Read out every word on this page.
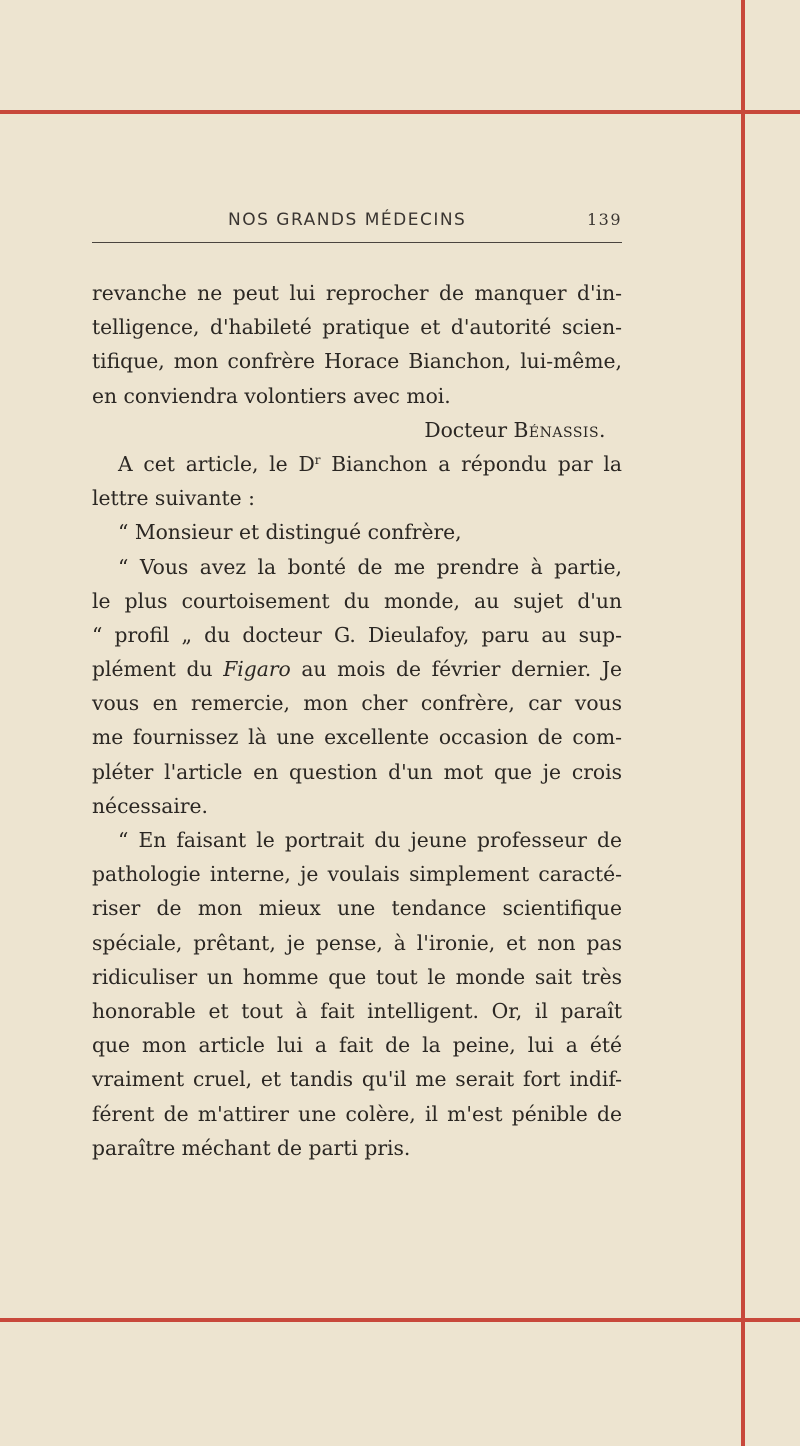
NOS GRANDS MÉDECINS	139
revanche ne peut lui reprocher de manquer d'in-
telligence, d'habileté pratique et d'autorité scien-
tifique, mon confrère Horace Bianchon, lui-même,
en conviendra volontiers avec moi.
Docteur Bénassis.
A cet article, le $D^r$ Bianchon a répondu par la
lettre suivante :
“ Monsieur et distingué confrère,
“ Vous avez la bonté de me prendre à partie,
le plus courtoisement du monde, au sujet d'un
“ profil „ du docteur G. Dieulafoy, paru au sup-
plément du Figaro au mois de février dernier. Je
vous en remercie, mon cher confrère, car vous
me fournissez là une excellente occasion de com-
pléter l'article en question d'un mot que je crois
nécessaire.
“ En faisant le portrait du jeune professeur de
pathologie interne, je voulais simplement caracté-
riser de mon mieux une tendance scientifique
spéciale, prêtant, je pense, à l'ironie, et non pas
ridiculiser un homme que tout le monde sait très
honorable et tout à fait intelligent. Or, il paraît
que mon article lui a fait de la peine, lui a été
vraiment cruel, et tandis qu'il me serait fort indif-
férent de m'attirer une colère, il m'est pénible de
paraître méchant de parti pris.
